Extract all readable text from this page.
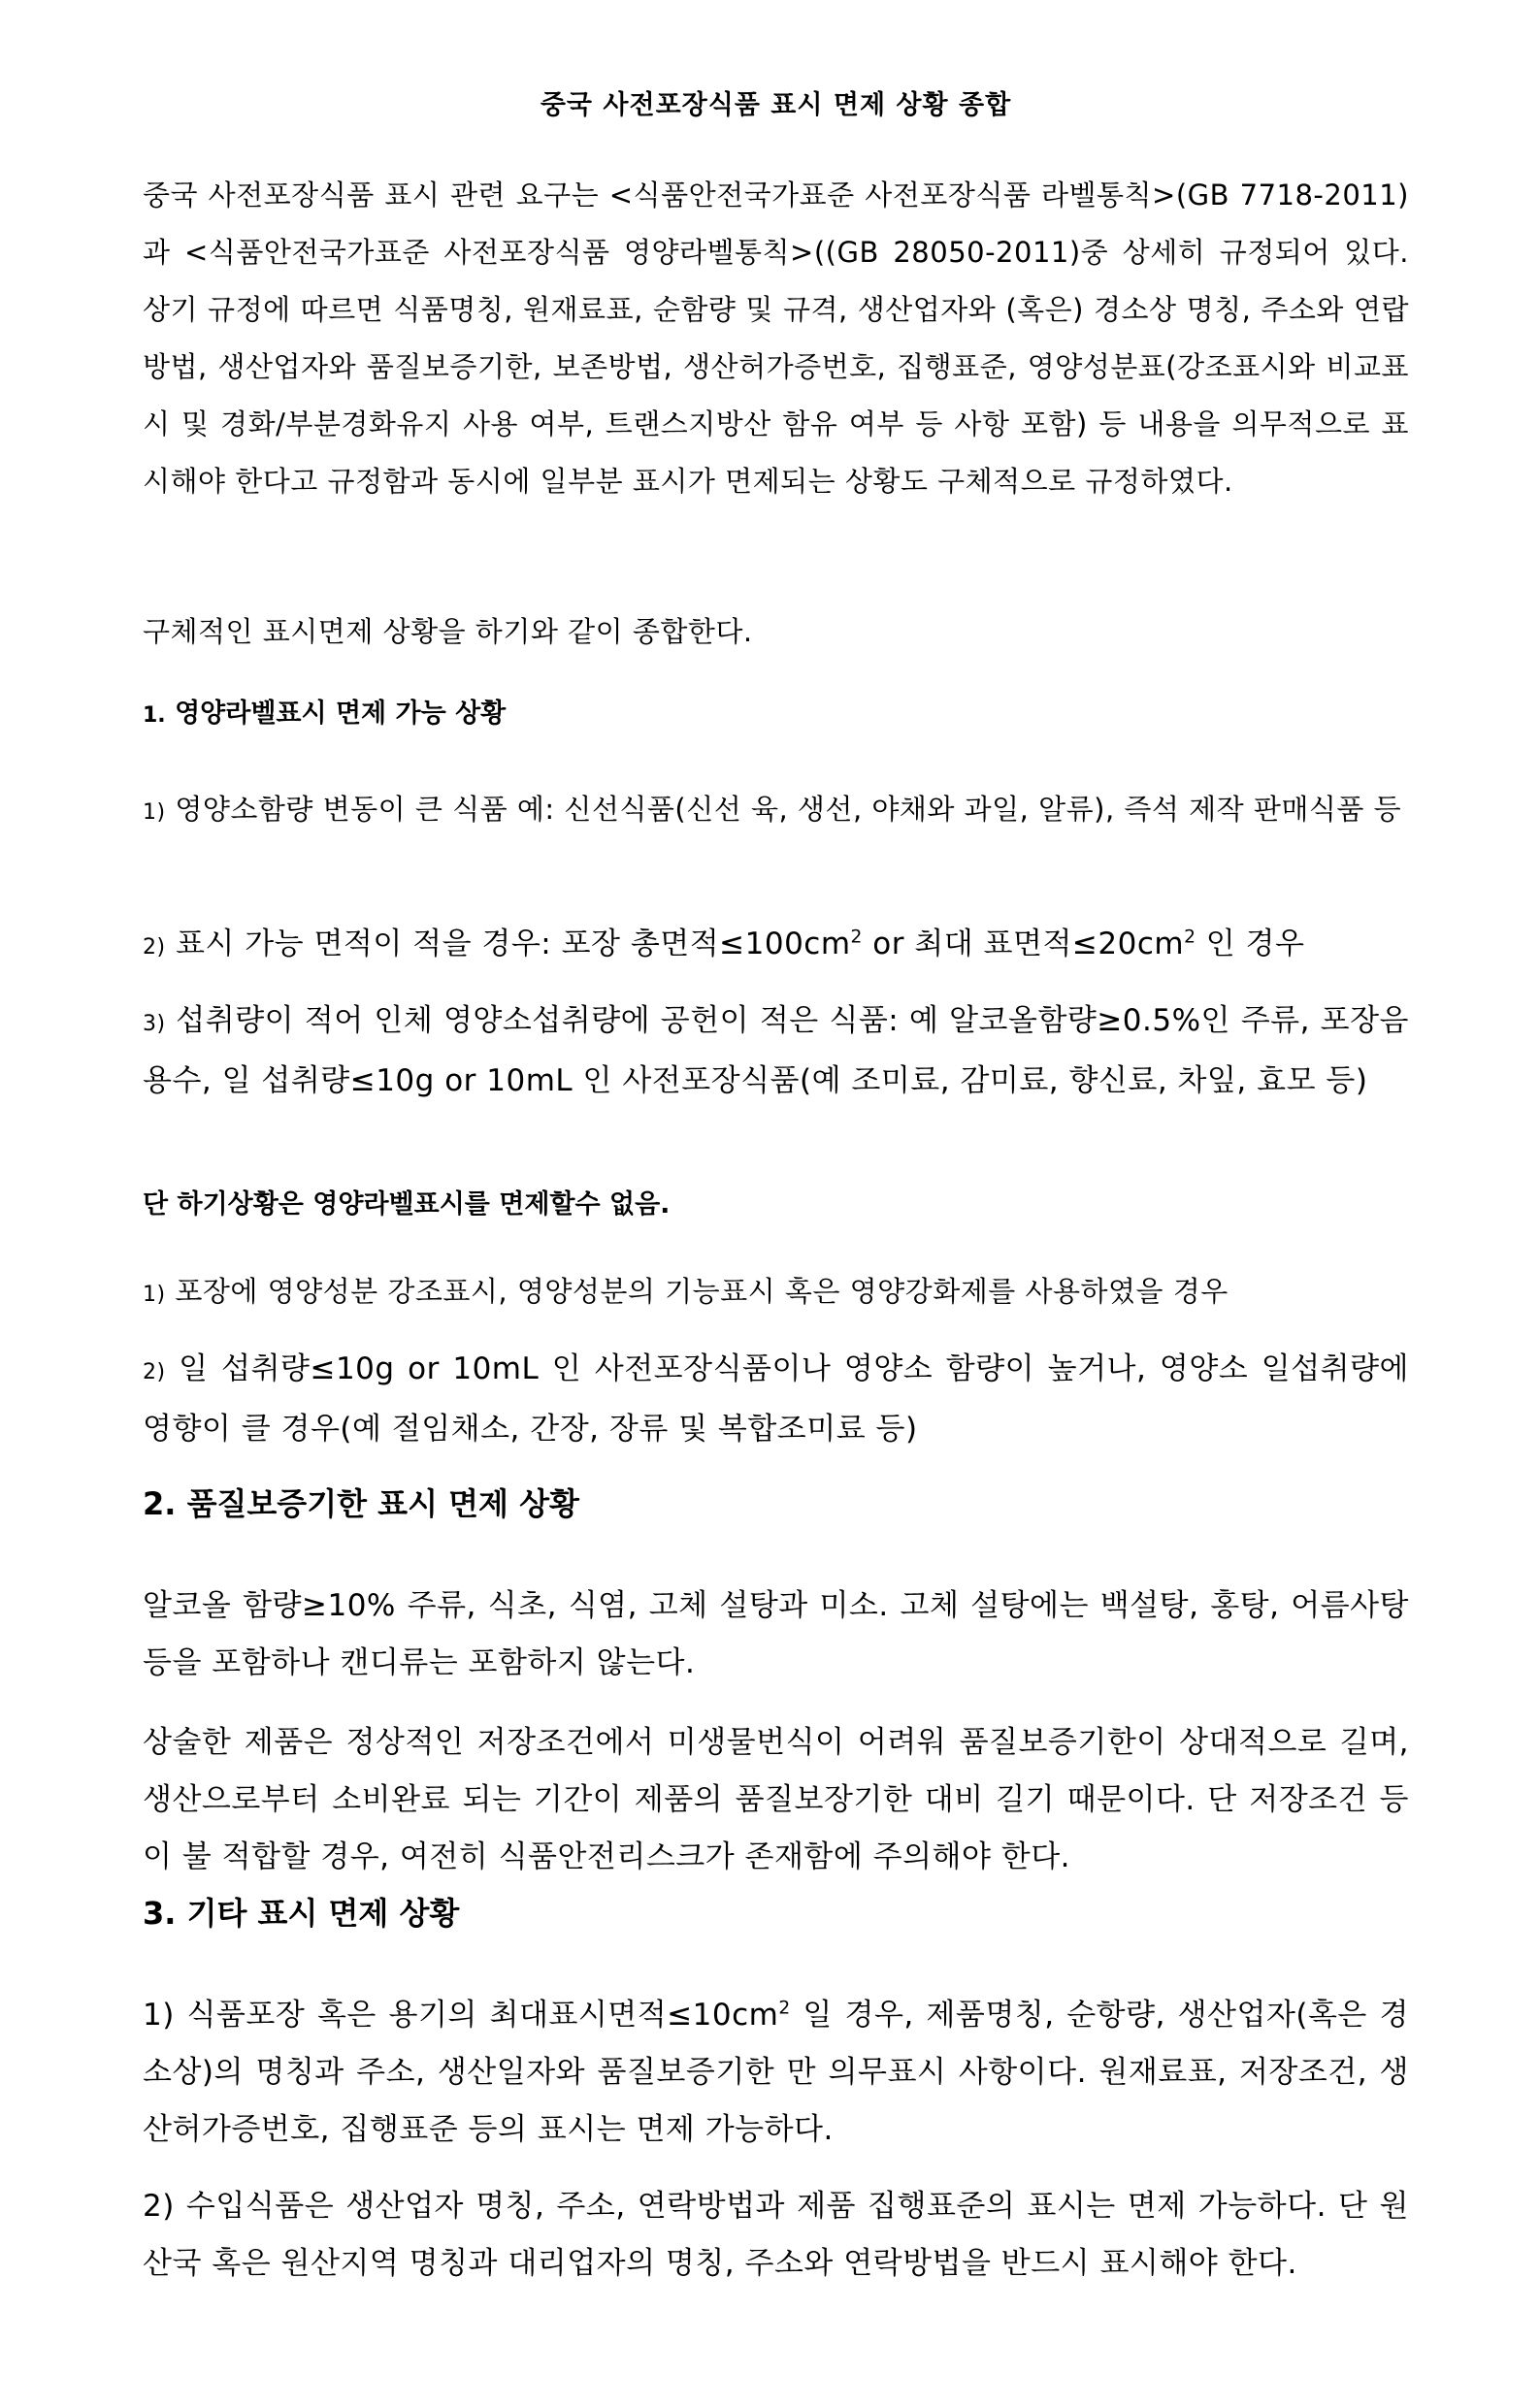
중국 사전포장식품 표시 면제 상황 종합

중국 사전포장식품 표시 관련 요구는 <식품안전국가표준 사전포장식품 라벨통칙>(GB 7718-2011)과 <식품안전국가표준 사전포장식품 영양라벨통칙>((GB 28050-2011)중 상세히 규정되어 있다. 상기 규정에 따르면 식품명칭, 원재료표, 순함량 및 규격, 생산업자와 (혹은) 경소상 명칭, 주소와 연랍방법, 생산업자와 품질보증기한, 보존방법, 생산허가증번호, 집행표준, 영양성분표(강조표시와 비교표시 및 경화/부분경화유지 사용 여부, 트랜스지방산 함유 여부 등 사항 포함) 등 내용을 의무적으로 표시해야 한다고 규정함과 동시에 일부분 표시가 면제되는 상황도 구체적으로 규정하였다.

구체적인 표시면제 상황을 하기와 같이 종합한다.

1. 영양라벨표시 면제 가능 상황

1) 영양소함량 변동이 큰 식품 예: 신선식품(신선 육, 생선, 야채와 과일, 알류), 즉석 제작 판매식품 등

2) 표시 가능 면적이 적을 경우: 포장 총면적$\le 100cm^2$ or 최대 표면적$\le 20cm^2$ 인 경우

3) 섭취량이 적어 인체 영양소섭취량에 공헌이 적은 식품: 예 알코올함량≥0.5%인 주류, 포장음용수, 일 섭취량≤10g or 10mL 인 사전포장식품(예 조미료, 감미료, 향신료, 차잎, 효모 등)

단 하기상황은 영양라벨표시를 면제할수 없음.

1) 포장에 영양성분 강조표시, 영양성분의 기능표시 혹은 영양강화제를 사용하였을 경우

2) 일 섭취량≤10g or 10mL 인 사전포장식품이나 영양소 함량이 높거나, 영양소 일섭취량에 영향이 클 경우(예 절임채소, 간장, 장류 및 복합조미료 등)

2. 품질보증기한 표시 면제 상황

알코올 함량≥10% 주류, 식초, 식염, 고체 설탕과 미소. 고체 설탕에는 백설탕, 홍탕, 어름사탕 등을 포함하나 캔디류는 포함하지 않는다.

상술한 제품은 정상적인 저장조건에서 미생물번식이 어려워 품질보증기한이 상대적으로 길며, 생산으로부터 소비완료 되는 기간이 제품의 품질보장기한 대비 길기 때문이다. 단 저장조건 등이 불 적합할 경우, 여전히 식품안전리스크가 존재함에 주의해야 한다.

3. 기타 표시 면제 상황

1) 식품포장 혹은 용기의 최대표시면적$\le 10cm^2$ 일 경우, 제품명칭, 순항량, 생산업자(혹은 경소상)의 명칭과 주소, 생산일자와 품질보증기한 만 의무표시 사항이다. 원재료표, 저장조건, 생산허가증번호, 집행표준 등의 표시는 면제 가능하다.

2) 수입식품은 생산업자 명칭, 주소, 연락방법과 제품 집행표준의 표시는 면제 가능하다. 단 원산국 혹은 원산지역 명칭과 대리업자의 명칭, 주소와 연락방법을 반드시 표시해야 한다.
